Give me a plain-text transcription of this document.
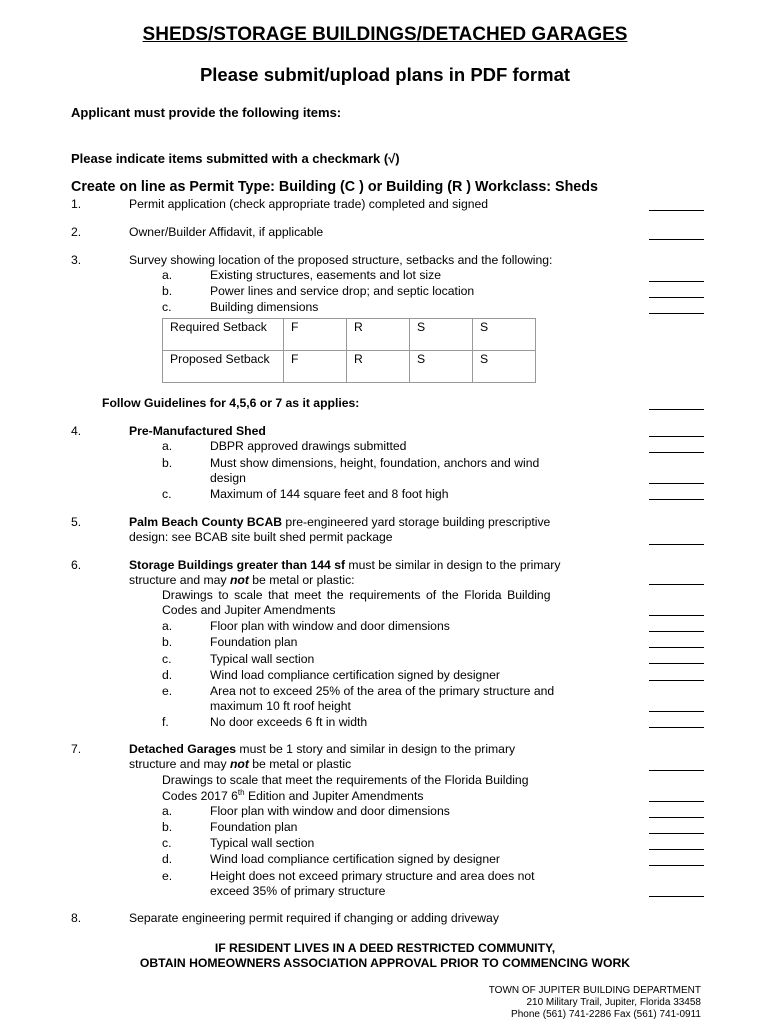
SHEDS/STORAGE BUILDINGS/DETACHED GARAGES
Please submit/upload plans in PDF format
Applicant must provide the following items:
Please indicate items submitted with a checkmark (√)
Create on line as Permit Type: Building (C ) or Building (R ) Workclass: Sheds
1.	Permit application (check appropriate trade) completed and signed
2.	Owner/Builder Affidavit, if applicable
3.	Survey showing location of the proposed structure, setbacks and the following:
a.	Existing structures, easements and lot size
b.	Power lines and service drop; and septic location
c.	Building dimensions
Required Setback	F	R	S	S
Proposed Setback	F	R	S	S
Follow Guidelines for 4,5,6 or 7 as it applies:
4.	Pre-Manufactured Shed
a.	DBPR approved drawings submitted
b.	Must show dimensions, height, foundation, anchors and wind
design
c.	Maximum of 144 square feet and 8 foot high
5.	Palm Beach County BCAB pre-engineered yard storage building prescriptive
design: see BCAB site built shed permit package
6.	Storage Buildings greater than 144 sf must be similar in design to the primary
structure and may not be metal or plastic:
Drawings to scale that meet the requirements of the Florida Building
Codes and Jupiter Amendments
a.	Floor plan with window and door dimensions
b.	Foundation plan
c.	Typical wall section
d.	Wind load compliance certification signed by designer
e.	Area not to exceed 25% of the area of the primary structure and
maximum 10 ft roof height
f.	No door exceeds 6 ft in width
7.	Detached Garages must be 1 story and similar in design to the primary
structure and may not be metal or plastic
Drawings to scale that meet the requirements of the Florida Building
Codes 2017 6th Edition and Jupiter Amendments
a.	Floor plan with window and door dimensions
b.	Foundation plan
c.	Typical wall section
d.	Wind load compliance certification signed by designer
e.	Height does not exceed primary structure and area does not
exceed 35% of primary structure
8.	Separate engineering permit required if changing or adding driveway
IF RESIDENT LIVES IN A DEED RESTRICTED COMMUNITY,
OBTAIN HOMEOWNERS ASSOCIATION APPROVAL PRIOR TO COMMENCING WORK
TOWN OF JUPITER BUILDING DEPARTMENT
210 Military Trail, Jupiter, Florida 33458
Phone (561) 741-2286 Fax (561) 741-0911
